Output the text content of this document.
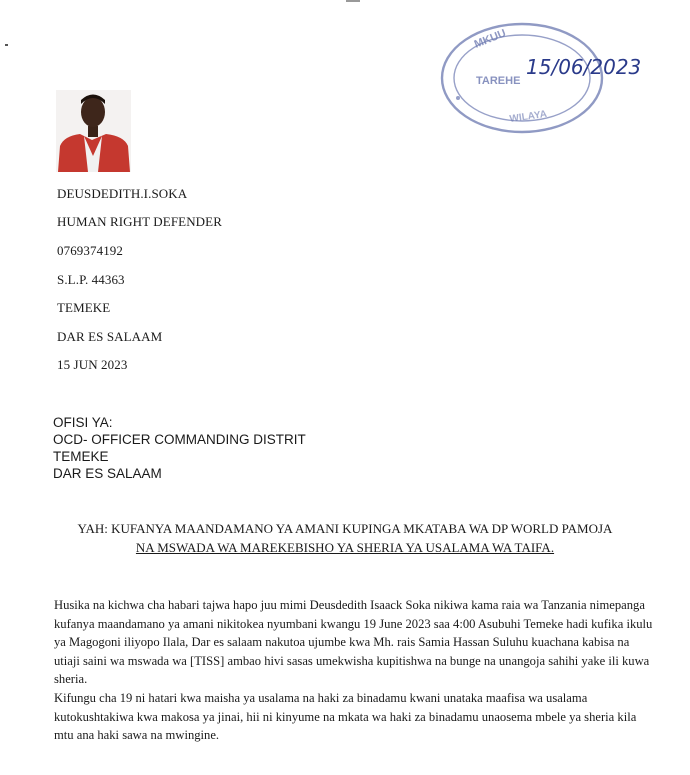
MKUU
TAREHE
15/06/2023
WILAYA
DEUSDEDITH.I.SOKA
HUMAN RIGHT DEFENDER
0769374192
S.L.P. 44363
TEMEKE
DAR ES SALAAM
15 JUN 2023
OFISI YA:
OCD- OFFICER COMMANDING DISTRIT
TEMEKE
DAR ES SALAAM
YAH: KUFANYA MAANDAMANO YA AMANI KUPINGA MKATABA WA DP WORLD PAMOJA
NA MSWADA WA MAREKEBISHO YA SHERIA YA USALAMA WA TAIFA.

Husika na kichwa cha habari tajwa hapo juu mimi Deusdedith Isaack Soka nikiwa kama raia wa Tanzania nimepanga kufanya maandamano ya amani nikitokea nyumbani kwangu 19 June 2023 saa 4:00 Asubuhi Temeke hadi kufika ikulu ya Magogoni iliyopo Ilala, Dar es salaam nakutoa ujumbe kwa Mh. rais Samia Hassan Suluhu kuachana kabisa na utiaji saini wa mswada wa [TISS] ambao hivi sasas umekwisha kupitishwa na bunge na unangoja sahihi yake ili kuwa sheria.

Kifungu cha 19 ni hatari kwa maisha ya usalama na haki za binadamu kwani unataka maafisa wa usalama kutokushtakiwa kwa makosa ya jinai, hii ni kinyume na mkata wa haki za binadamu unaosema mbele ya sheria kila mtu ana haki sawa na mwingine.
